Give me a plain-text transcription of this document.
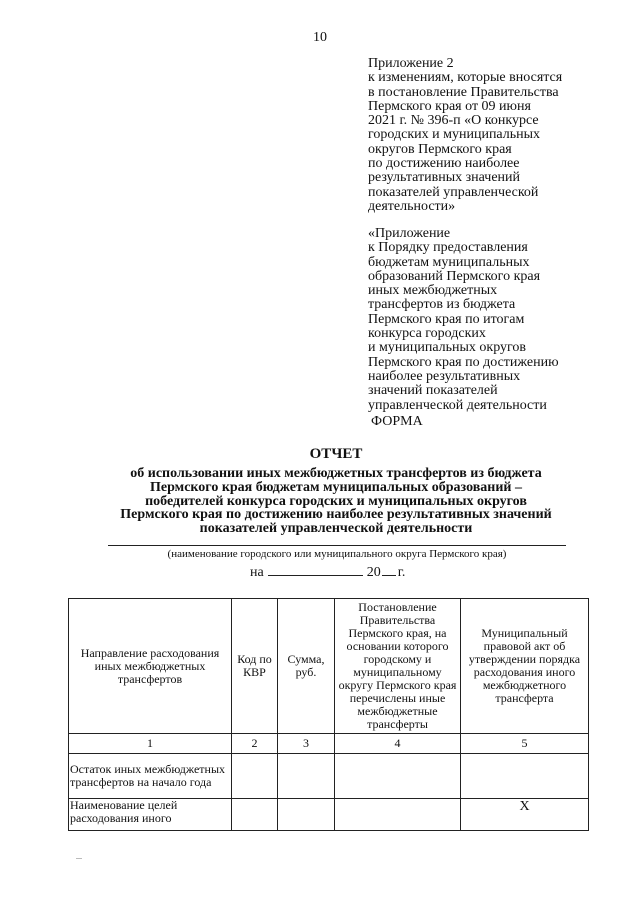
10
Приложение 2
к изменениям, которые вносятся
в постановление Правительства
Пермского края от 09 июня
2021 г. № 396-п «О конкурсе
городских и муниципальных
округов Пермского края
по достижению наиболее
результативных значений
показателей управленческой
деятельности»
«Приложение
к Порядку предоставления
бюджетам муниципальных
образований Пермского края
иных межбюджетных
трансфертов из бюджета
Пермского края по итогам
конкурса городских
и муниципальных округов
Пермского края по достижению
наиболее результативных
значений показателей
управленческой деятельности
ФОРМА
ОТЧЕТ
об использовании иных межбюджетных трансфертов из бюджета
Пермского края бюджетам муниципальных образований –
победителей конкурса городских и муниципальных округов
Пермского края по достижению наиболее результативных значений
показателей управленческой деятельности
(наименование городского или муниципального округа Пермского края)
на	20 г.
Направление расходования иных межбюджетных трансфертов	Код по КВР	Сумма, руб.	Постановление Правительства Пермского края, на основании которого городскому и муниципальному округу Пермского края перечислены иные межбюджетные трансферты	Муниципальный правовой акт об утверждении порядка расходования иного межбюджетного трансферта
1	2	3	4	5
Остаток иных межбюджетных трансфертов на начало года				
Наименование целей расходования иного				X
